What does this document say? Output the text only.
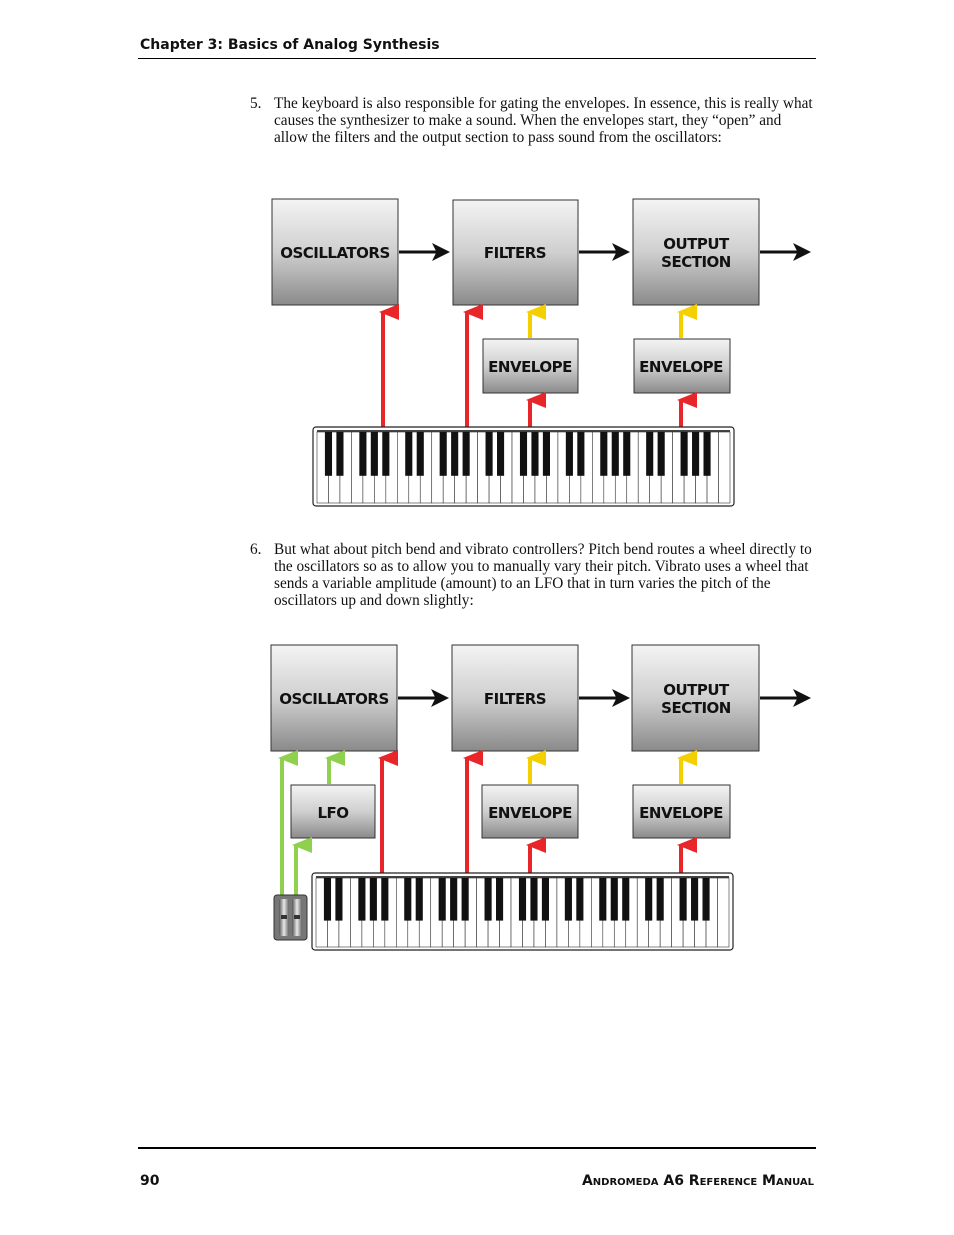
Chapter 3: Basics of Analog Synthesis
5. The keyboard is also responsible for gating the envelopes. In essence, this is really what causes the synthesizer to make a sound. When the envelopes start, they “open” and allow the filters and the output section to pass sound from the oscillators:
OSCILLATORS	FILTERS	OUTPUT
SECTION
ENVELOPE	ENVELOPE
6. But what about pitch bend and vibrato controllers? Pitch bend routes a wheel directly to the oscillators so as to allow you to manually vary their pitch. Vibrato uses a wheel that sends a variable amplitude (amount) to an LFO that in turn varies the pitch of the oscillators up and down slightly:
OSCILLATORS	FILTERS	OUTPUT
SECTION
LFO	ENVELOPE	ENVELOPE
90	Andromeda A6 Reference Manual
